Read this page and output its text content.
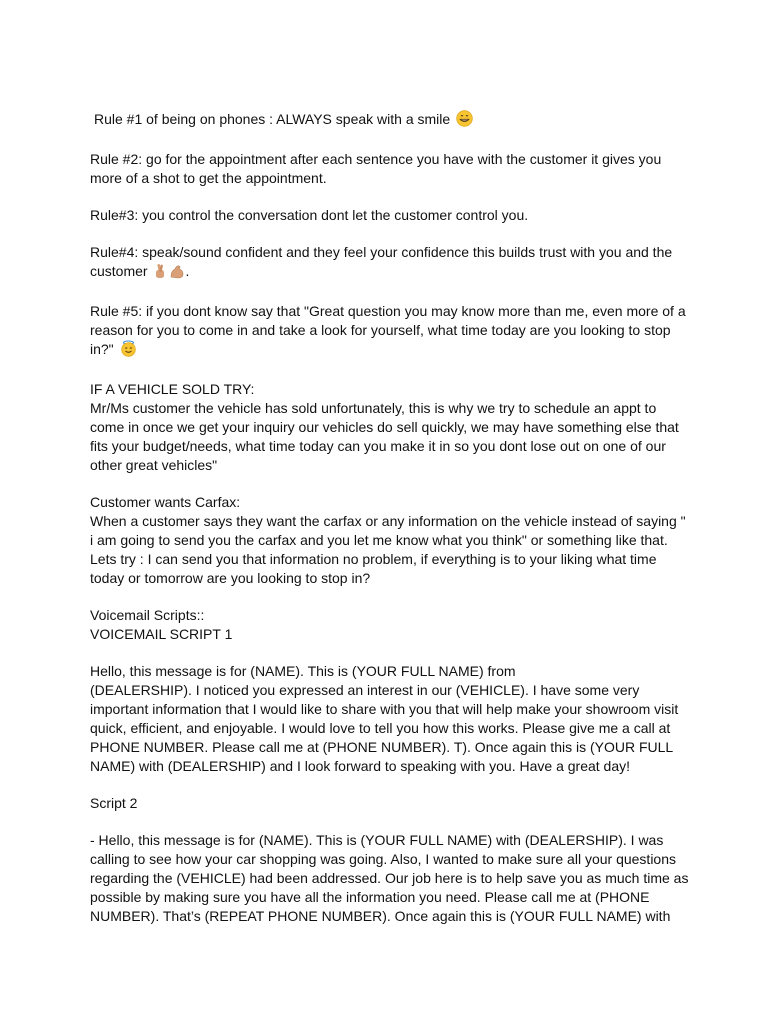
Rule #1 of being on phones : ALWAYS speak with a smile

Rule #2: go for the appointment after each sentence you have with the customer it gives you more of a shot to get the appointment.

Rule#3: you control the conversation dont let the customer control you.

Rule#4: speak/sound confident and they feel your confidence this builds trust with you and the customer	.

Rule #5: if you dont know say that "Great question you may know more than me, even more of a reason for you to come in and take a look for yourself, what time today are you looking to stop in?"

IF A VEHICLE SOLD TRY:
Mr/Ms customer the vehicle has sold unfortunately, this is why we try to schedule an appt to come in once we get your inquiry our vehicles do sell quickly, we may have something else that fits your budget/needs, what time today can you make it in so you dont lose out on one of our other great vehicles"

Customer wants Carfax:
When a customer says they want the carfax or any information on the vehicle instead of saying " i am going to send you the carfax and you let me know what you think" or something like that. Lets try : I can send you that information no problem, if everything is to your liking what time today or tomorrow are you looking to stop in?

Voicemail Scripts::
VOICEMAIL SCRIPT 1

Hello, this message is for (NAME). This is (YOUR FULL NAME) from
(DEALERSHIP). I noticed you expressed an interest in our (VEHICLE). I have some very important information that I would like to share with you that will help make your showroom visit quick, efficient, and enjoyable. I would love to tell you how this works. Please give me a call at PHONE NUMBER. Please call me at (PHONE NUMBER). T). Once again this is (YOUR FULL NAME) with (DEALERSHIP) and I look forward to speaking with you. Have a great day!

Script 2

- Hello, this message is for (NAME). This is (YOUR FULL NAME) with (DEALERSHIP). I was calling to see how your car shopping was going. Also, I wanted to make sure all your questions regarding the (VEHICLE) had been addressed. Our job here is to help save you as much time as possible by making sure you have all the information you need. Please call me at (PHONE NUMBER). That’s (REPEAT PHONE NUMBER). Once again this is (YOUR FULL NAME) with
